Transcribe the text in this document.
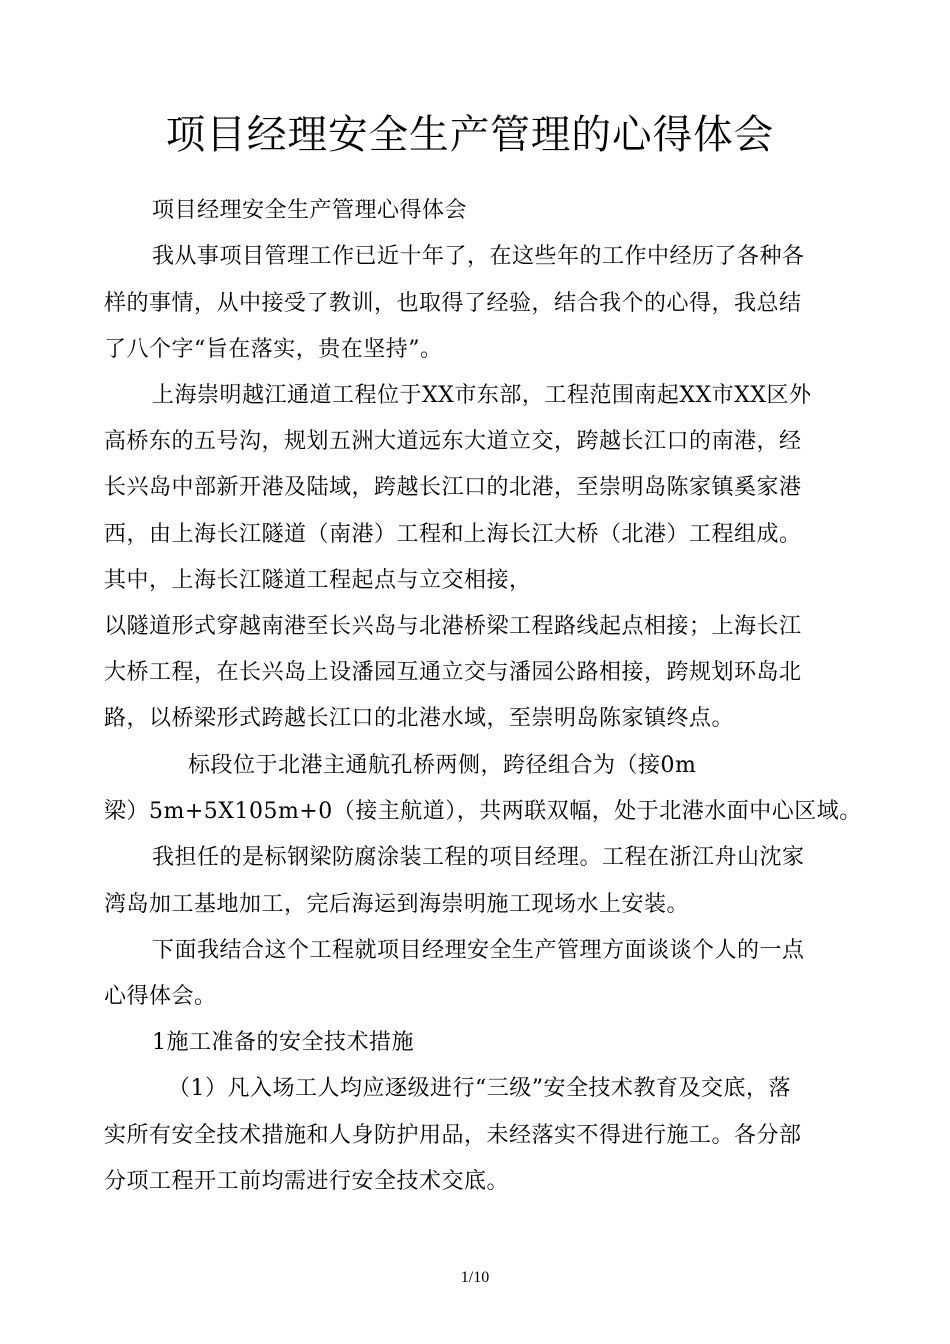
项目经理安全生产管理的心得体会
项目经理安全生产管理心得体会
我从事项目管理工作已近十年了，在这些年的工作中经历了各种各
样的事情，从中接受了教训，也取得了经验，结合我个的心得，我总结
了八个字“旨在落实，贵在坚持”。
上海崇明越江通道工程位于XX市东部，工程范围南起XX市XX区外
高桥东的五号沟，规划五洲大道远东大道立交，跨越长江口的南港，经
长兴岛中部新开港及陆域，跨越长江口的北港，至崇明岛陈家镇奚家港
西，由上海长江隧道（南港）工程和上海长江大桥（北港）工程组成。
其中，上海长江隧道工程起点与立交相接，
以隧道形式穿越南港至长兴岛与北港桥梁工程路线起点相接；上海长江
大桥工程，在长兴岛上设潘园互通立交与潘园公路相接，跨规划环岛北
路，以桥梁形式跨越长江口的北港水域，至崇明岛陈家镇终点。
标段位于北港主通航孔桥两侧，跨径组合为（接0m
梁）5m+5X105m+0（接主航道），共两联双幅，处于北港水面中心区域。
我担任的是标钢梁防腐涂装工程的项目经理。工程在浙江舟山沈家
湾岛加工基地加工，完后海运到海崇明施工现场水上安装。
下面我结合这个工程就项目经理安全生产管理方面谈谈个人的一点
心得体会。
1施工准备的安全技术措施
（1）凡入场工人均应逐级进行“三级”安全技术教育及交底，落
实所有安全技术措施和人身防护用品，未经落实不得进行施工。各分部
分项工程开工前均需进行安全技术交底。
1/10
